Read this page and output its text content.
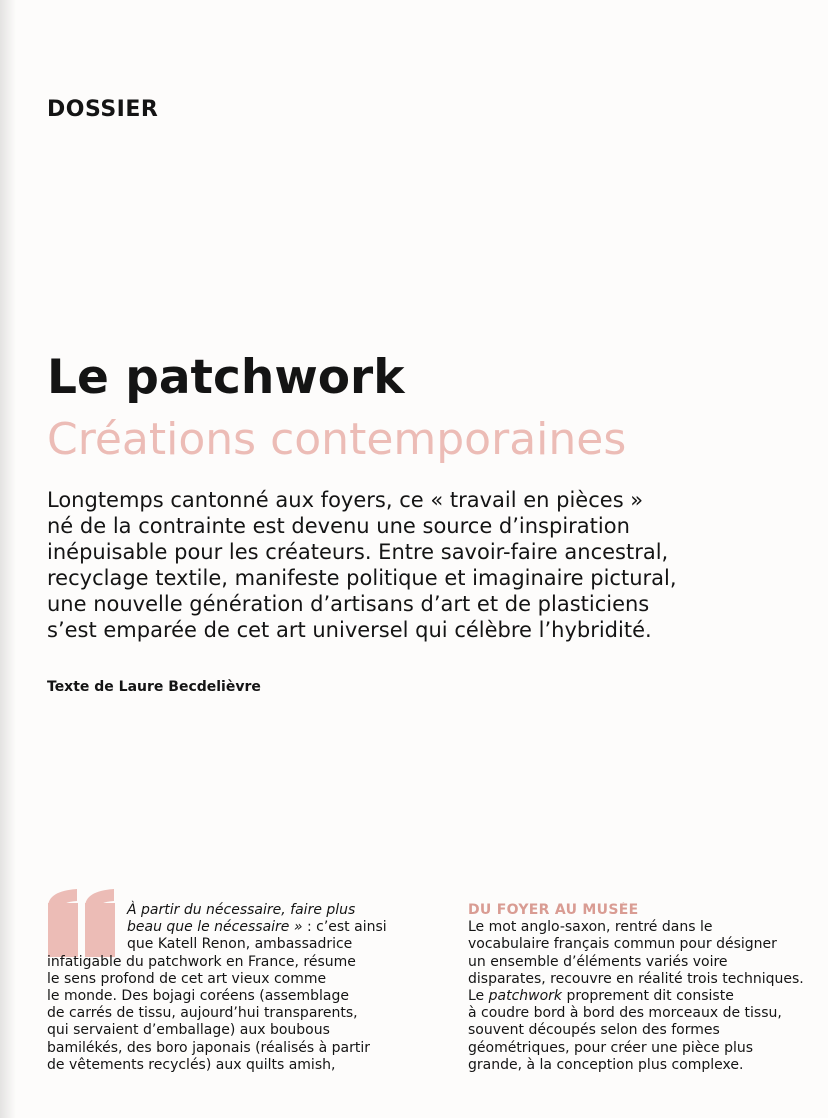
DOSSIER
Le patchwork
Créations contemporaines

Longtemps cantonné aux foyers, ce « travail en pièces »
né de la contrainte est devenu une source d’inspiration
inépuisable pour les créateurs. Entre savoir-faire ancestral,
recyclage textile, manifeste politique et imaginaire pictural,
une nouvelle génération d’artisans d’art et de plasticiens
s’est emparée de cet art universel qui célèbre l’hybridité.

Texte de Laure Becdelièvre
À partir du nécessaire, faire plus
beau que le nécessaire » : c’est ainsi
que Katell Renon, ambassadrice
infatigable du patchwork en France, résume
le sens profond de cet art vieux comme
le monde. Des bojagi coréens (assemblage
de carrés de tissu, aujourd’hui transparents,
qui servaient d’emballage) aux boubous
bamilékés, des boro japonais (réalisés à partir
de vêtements recyclés) aux quilts amish,
DU FOYER AU MUSÉE
Le mot anglo-saxon, rentré dans le
vocabulaire français commun pour désigner
un ensemble d’éléments variés voire
disparates, recouvre en réalité trois techniques.
Le patchwork proprement dit consiste
à coudre bord à bord des morceaux de tissu,
souvent découpés selon des formes
géométriques, pour créer une pièce plus
grande, à la conception plus complexe.
